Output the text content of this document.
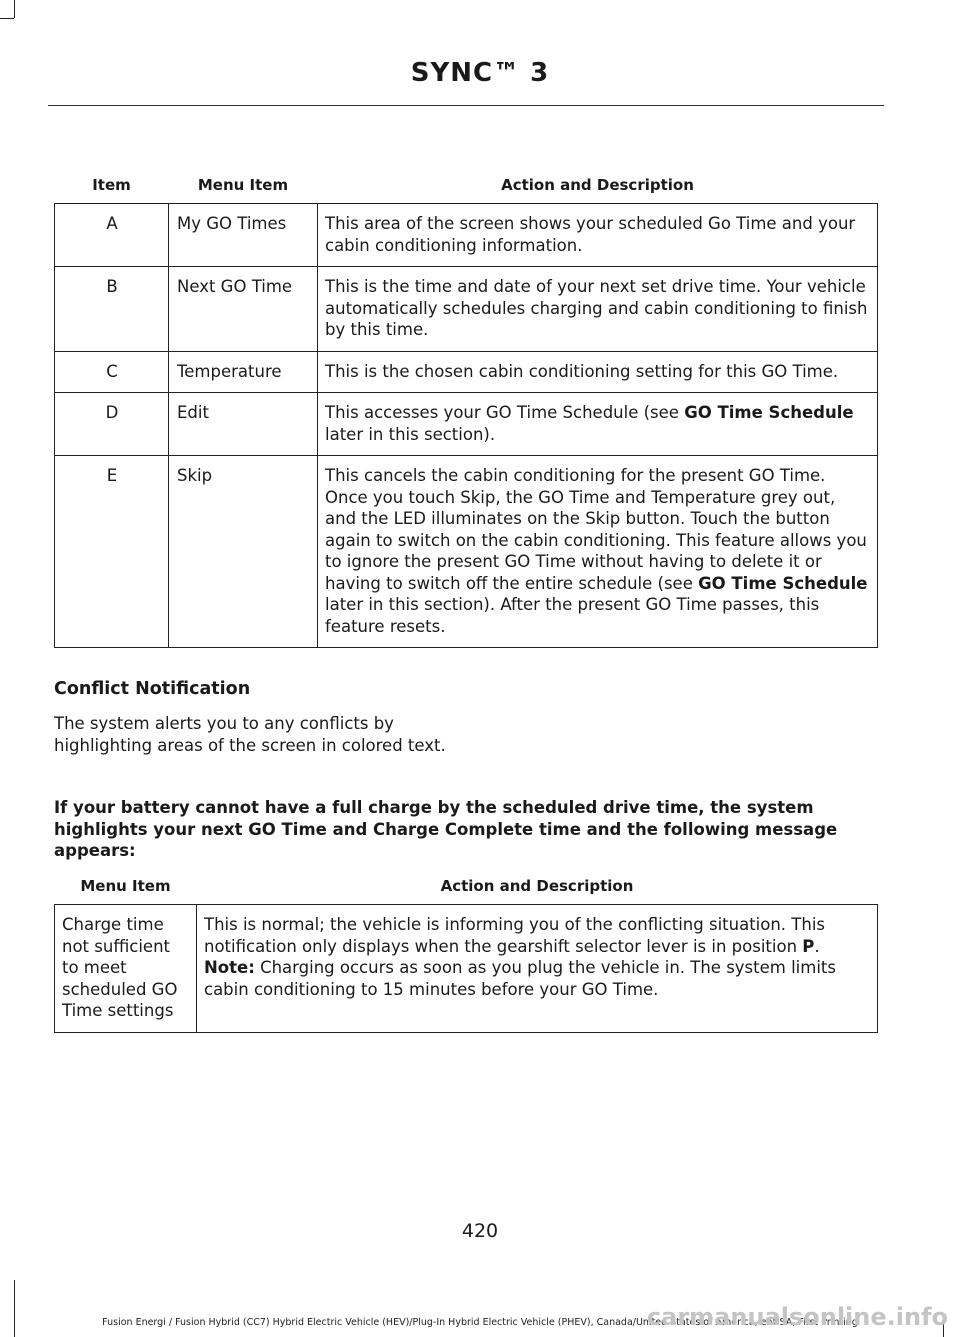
SYNC™ 3
Item	Menu Item	Action and Description
A	My GO Times	This area of the screen shows your scheduled Go Time and your cabin conditioning information.
B	Next GO Time	This is the time and date of your next set drive time. Your vehicle automatically schedules charging and cabin conditioning to finish by this time.
C	Temperature	This is the chosen cabin conditioning setting for this GO Time.
D	Edit	This accesses your GO Time Schedule (see GO Time Schedule later in this section).
E	Skip	This cancels the cabin conditioning for the present GO Time. Once you touch Skip, the GO Time and Temperature grey out, and the LED illuminates on the Skip button. Touch the button again to switch on the cabin conditioning. This feature allows you to ignore the present GO Time without having to delete it or having to switch off the entire schedule (see GO Time Schedule later in this section). After the present GO Time passes, this feature resets.
Conflict Notification
The system alerts you to any conflicts by highlighting areas of the screen in colored text.
If your battery cannot have a full charge by the scheduled drive time, the system highlights your next GO Time and Charge Complete time and the following message appears:
Menu Item	Action and Description
Charge time not sufficient to meet scheduled GO Time settings	This is normal; the vehicle is informing you of the conflicting situation. This notification only displays when the gearshift selector lever is in position P.
Note: Charging occurs as soon as you plug the vehicle in. The system limits cabin conditioning to 15 minutes before your GO Time.
420
Fusion Energi / Fusion Hybrid (CC7) Hybrid Electric Vehicle (HEV)/Plug-In Hybrid Electric Vehicle (PHEV), Canada/United States of America, enUSA, First Printing
carmanualsonline.info
